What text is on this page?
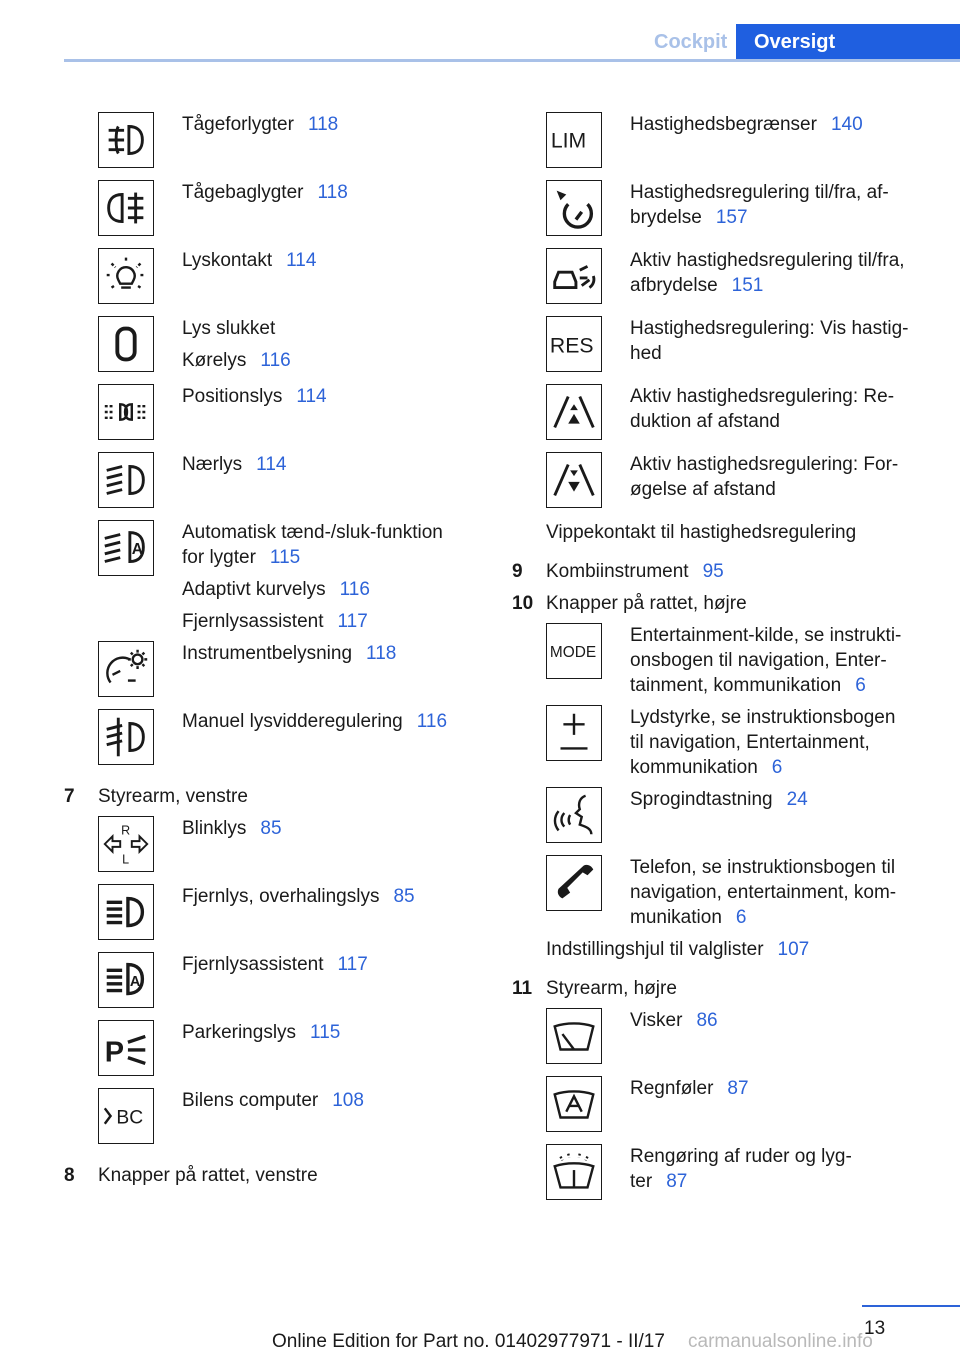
Cockpit	Oversigt
Tågeforlygter 118
Tågebaglygter 118
Lyskontakt 114
Lys slukket
Kørelys 116
Positionslys 114
Nærlys 114
A
Automatisk tænd-/sluk-funktion
for lygter 115
Adaptivt kurvelys 116
Fjernlysassistent 117
Instrumentbelysning 118
Manuel lysvidderegulering 116
7 Styrearm, venstre
R
L
Blinklys 85
Fjernlys, overhalingslys 85
A
Fjernlysassistent 117
P
Parkeringslys 115
BC
Bilens computer 108
8 Knapper på rattet, venstre
LIM
Hastighedsbegrænser 140
Hastighedsregulering til/fra, af-
brydelse 157
Aktiv hastighedsregulering til/fra,
afbrydelse 151
RES
Hastighedsregulering: Vis hastig-
hed
Aktiv hastighedsregulering: Re-
duktion af afstand
Aktiv hastighedsregulering: For-
øgelse af afstand
Vippekontakt til hastighedsregulering
9 Kombiinstrument 95
10 Knapper på rattet, højre
MODE
Entertainment-kilde, se instrukti-
onsbogen til navigation, Enter-
tainment, kommunikation 6
Lydstyrke, se instruktionsbogen
til navigation, Entertainment,
kommunikation 6
Sprogindtastning 24
Telefon, se instruktionsbogen til
navigation, entertainment, kom-
munikation 6
Indstillingshjul til valglister 107
11 Styrearm, højre
Visker 86
Regnføler 87
Rengøring af ruder og lyg-
ter 87
13
Online Edition for Part no. 01402977971 - II/17 carmanualsonline.info
